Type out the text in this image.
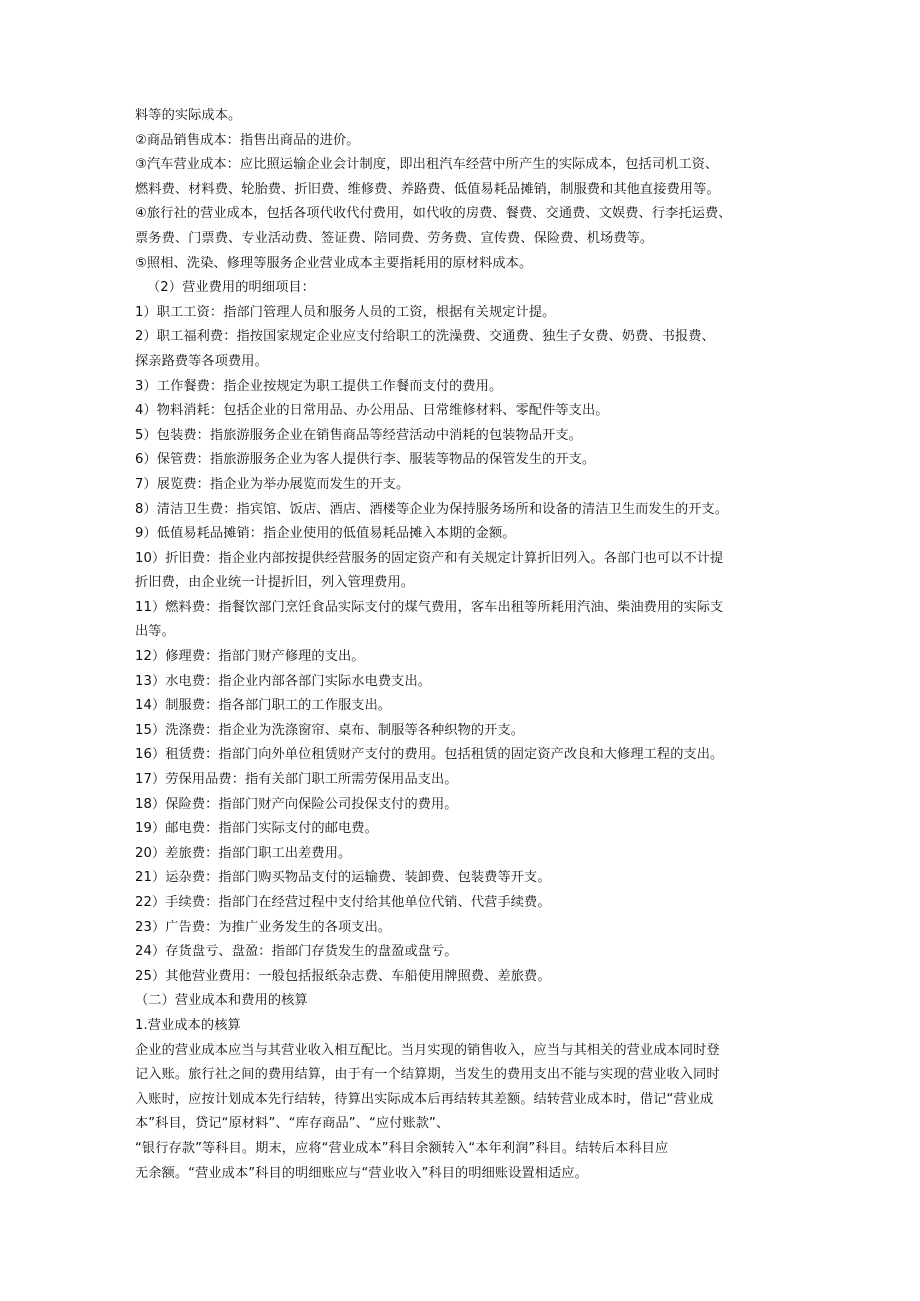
料等的实际成本。
②商品销售成本：指售出商品的进价。
③汽车营业成本：应比照运输企业会计制度，即出租汽车经营中所产生的实际成本，包括司机工资、
燃料费、材料费、轮胎费、折旧费、维修费、养路费、低值易耗品摊销，制服费和其他直接费用等。
④旅行社的营业成本，包括各项代收代付费用，如代收的房费、餐费、交通费、文娱费、行李托运费、
票务费、门票费、专业活动费、签证费、陪同费、劳务费、宣传费、保险费、机场费等。
⑤照相、洗染、修理等服务企业营业成本主要指耗用的原材料成本。
（2）营业费用的明细项目：
1）职工工资：指部门管理人员和服务人员的工资，根据有关规定计提。
2）职工福利费：指按国家规定企业应支付给职工的洗澡费、交通费、独生子女费、奶费、书报费、
探亲路费等各项费用。
3）工作餐费：指企业按规定为职工提供工作餐而支付的费用。
4）物料消耗：包括企业的日常用品、办公用品、日常维修材料、零配件等支出。
5）包装费：指旅游服务企业在销售商品等经营活动中消耗的包装物品开支。
6）保管费：指旅游服务企业为客人提供行李、服装等物品的保管发生的开支。
7）展览费：指企业为举办展览而发生的开支。
8）清洁卫生费：指宾馆、饭店、酒店、酒楼等企业为保持服务场所和设备的清洁卫生而发生的开支。
9）低值易耗品摊销：指企业使用的低值易耗品摊入本期的金额。
10）折旧费：指企业内部按提供经营服务的固定资产和有关规定计算折旧列入。各部门也可以不计提
折旧费，由企业统一计提折旧，列入管理费用。
11）燃料费：指餐饮部门烹饪食品实际支付的煤气费用，客车出租等所耗用汽油、柴油费用的实际支
出等。
12）修理费：指部门财产修理的支出。
13）水电费：指企业内部各部门实际水电费支出。
14）制服费：指各部门职工的工作服支出。
15）洗涤费：指企业为洗涤窗帘、桌布、制服等各种织物的开支。
16）租赁费：指部门向外单位租赁财产支付的费用。包括租赁的固定资产改良和大修理工程的支出。
17）劳保用品费：指有关部门职工所需劳保用品支出。
18）保险费：指部门财产向保险公司投保支付的费用。
19）邮电费：指部门实际支付的邮电费。
20）差旅费：指部门职工出差费用。
21）运杂费：指部门购买物品支付的运输费、装卸费、包装费等开支。
22）手续费：指部门在经营过程中支付给其他单位代销、代营手续费。
23）广告费：为推广业务发生的各项支出。
24）存货盘亏、盘盈：指部门存货发生的盘盈或盘亏。
25）其他营业费用：一般包括报纸杂志费、车船使用牌照费、差旅费。
（二）营业成本和费用的核算
1.营业成本的核算
企业的营业成本应当与其营业收入相互配比。当月实现的销售收入，应当与其相关的营业成本同时登
记入账。旅行社之间的费用结算，由于有一个结算期，当发生的费用支出不能与实现的营业收入同时
入账时，应按计划成本先行结转，待算出实际成本后再结转其差额。结转营业成本时，借记“营业成
本”科目，贷记“原材料”、“库存商品”、“应付账款”、
“银行存款”等科目。期末，应将“营业成本”科目余额转入“本年利润”科目。结转后本科目应
无余额。“营业成本”科目的明细账应与“营业收入”科目的明细账设置相适应。
